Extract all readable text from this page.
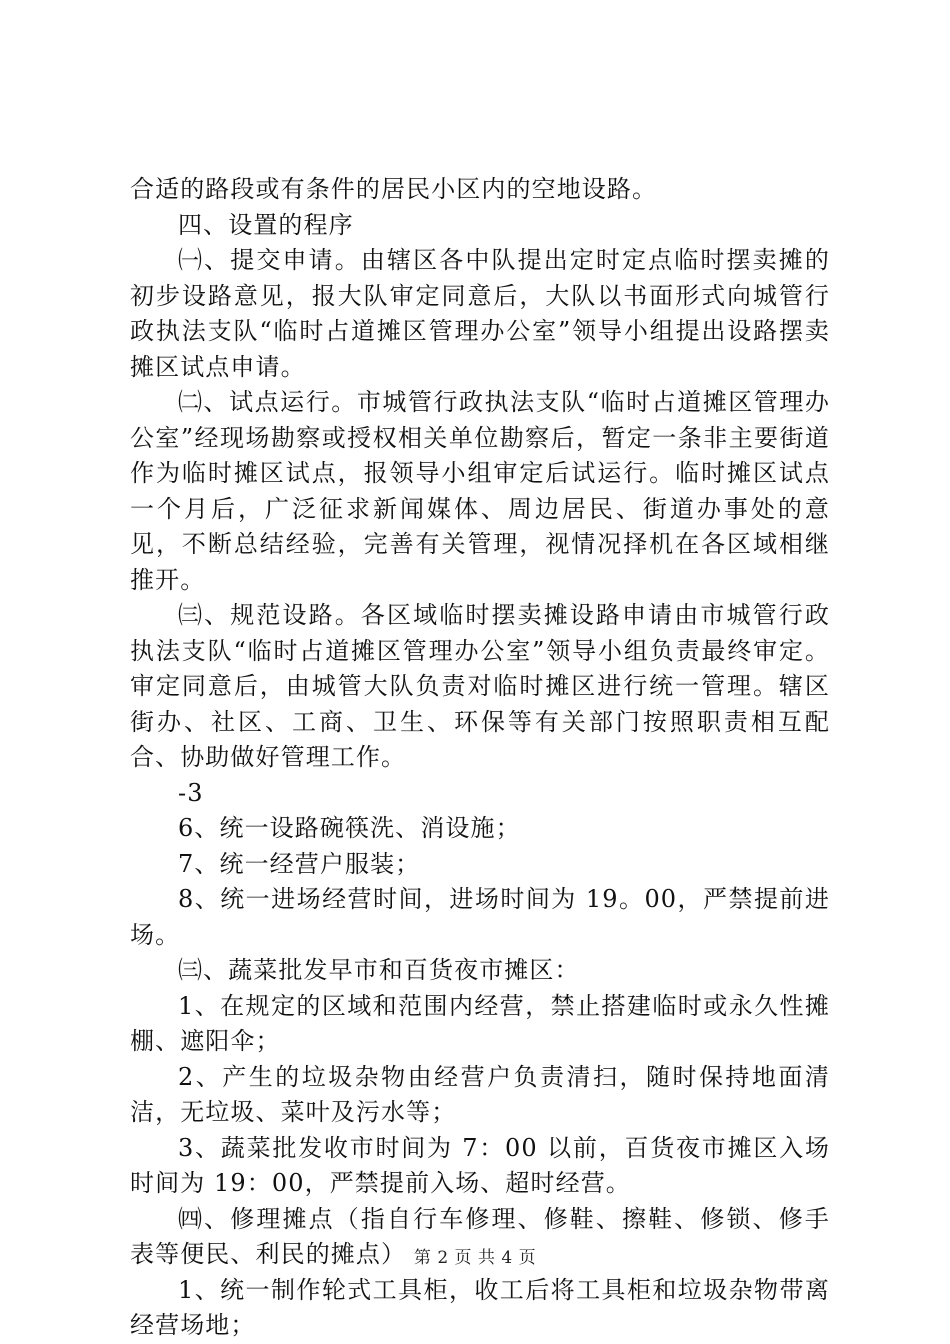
合适的路段或有条件的居民小区内的空地设路。

四、设置的程序

㈠、提交申请。由辖区各中队提出定时定点临时摆卖摊的初步设路意见，报大队审定同意后，大队以书面形式向城管行政执法支队“临时占道摊区管理办公室”领导小组提出设路摆卖摊区试点申请。

㈡、试点运行。市城管行政执法支队“临时占道摊区管理办公室”经现场勘察或授权相关单位勘察后，暂定一条非主要街道作为临时摊区试点，报领导小组审定后试运行。临时摊区试点一个月后，广泛征求新闻媒体、周边居民、街道办事处的意见，不断总结经验，完善有关管理，视情况择机在各区域相继推开。

㈢、规范设路。各区域临时摆卖摊设路申请由市城管行政执法支队“临时占道摊区管理办公室”领导小组负责最终审定。审定同意后，由城管大队负责对临时摊区进行统一管理。辖区街办、社区、工商、卫生、环保等有关部门按照职责相互配合、协助做好管理工作。

-3

6、统一设路碗筷洗、消设施；

7、统一经营户服装；

8、统一进场经营时间，进场时间为 19。00，严禁提前进场。

㈢、蔬菜批发早市和百货夜市摊区：

1、在规定的区域和范围内经营，禁止搭建临时或永久性摊棚、遮阳伞；

2、产生的垃圾杂物由经营户负责清扫，随时保持地面清洁，无垃圾、菜叶及污水等；

3、蔬菜批发收市时间为 7：00 以前，百货夜市摊区入场时间为 19：00，严禁提前入场、超时经营。

㈣、修理摊点（指自行车修理、修鞋、擦鞋、修锁、修手表等便民、利民的摊点）

1、统一制作轮式工具柜，收工后将工具柜和垃圾杂物带离经营场地；

第 2 页 共 4 页
